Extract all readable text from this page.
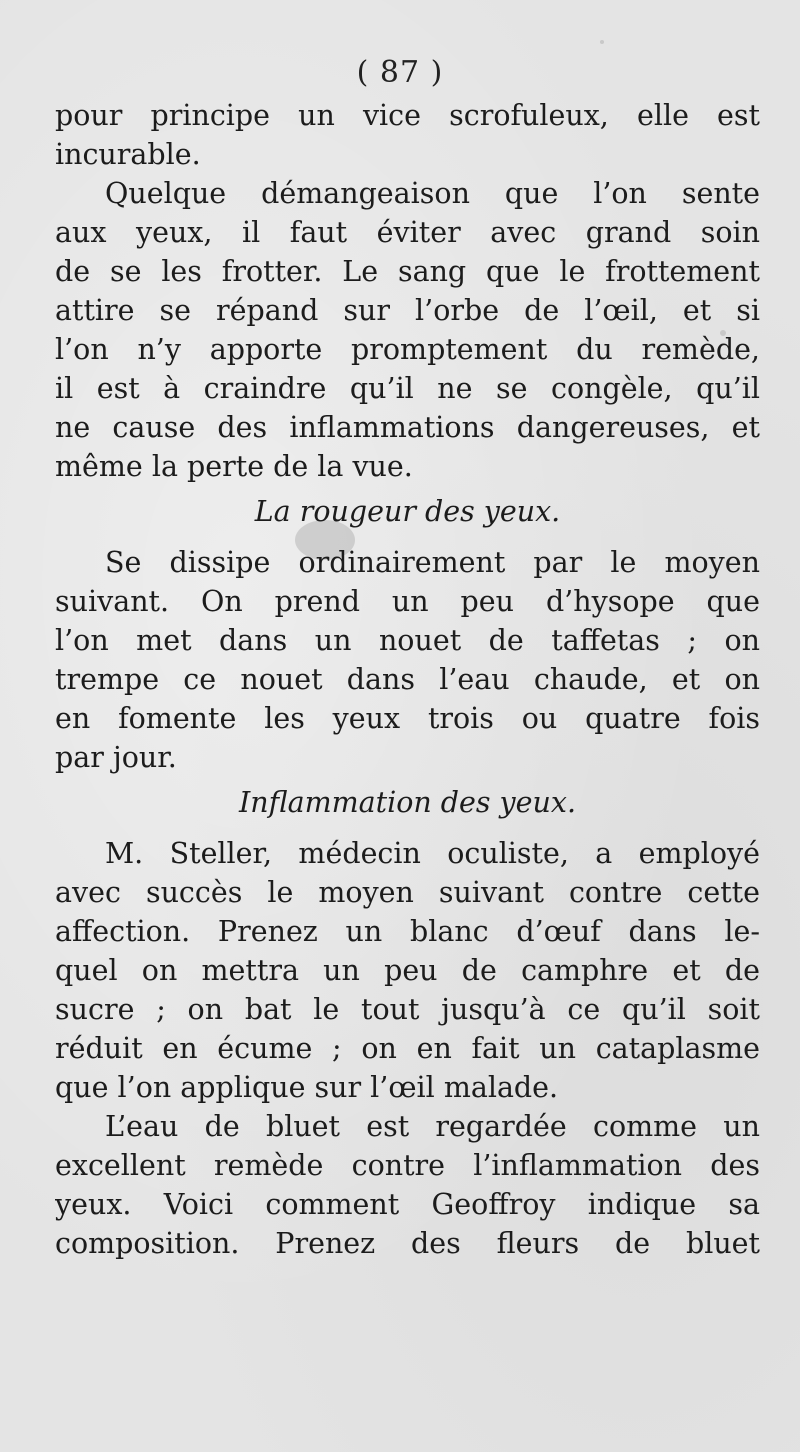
( 87 )
pour principe un vice scrofuleux, elle est
incurable.
Quelque démangeaison que l’on sente
aux yeux, il faut éviter avec grand soin
de se les frotter. Le sang que le frottement
attire se répand sur l’orbe de l’œil, et si
l’on n’y apporte promptement du remède,
il est à craindre qu’il ne se congèle, qu’il
ne cause des inflammations dangereuses, et
même la perte de la vue.
La rougeur des yeux.
Se dissipe ordinairement par le moyen
suivant. On prend un peu d’hysope que
l’on met dans un nouet de taffetas ; on
trempe ce nouet dans l’eau chaude, et on
en fomente les yeux trois ou quatre fois
par jour.
Inflammation des yeux.
M. Steller, médecin oculiste, a employé
avec succès le moyen suivant contre cette
affection. Prenez un blanc d’œuf dans le-
quel on mettra un peu de camphre et de
sucre ; on bat le tout jusqu’à ce qu’il soit
réduit en écume ; on en fait un cataplasme
que l’on applique sur l’œil malade.
L’eau de bluet est regardée comme un
excellent remède contre l’inflammation des
yeux. Voici comment Geoffroy indique sa
composition. Prenez des fleurs de bluet
